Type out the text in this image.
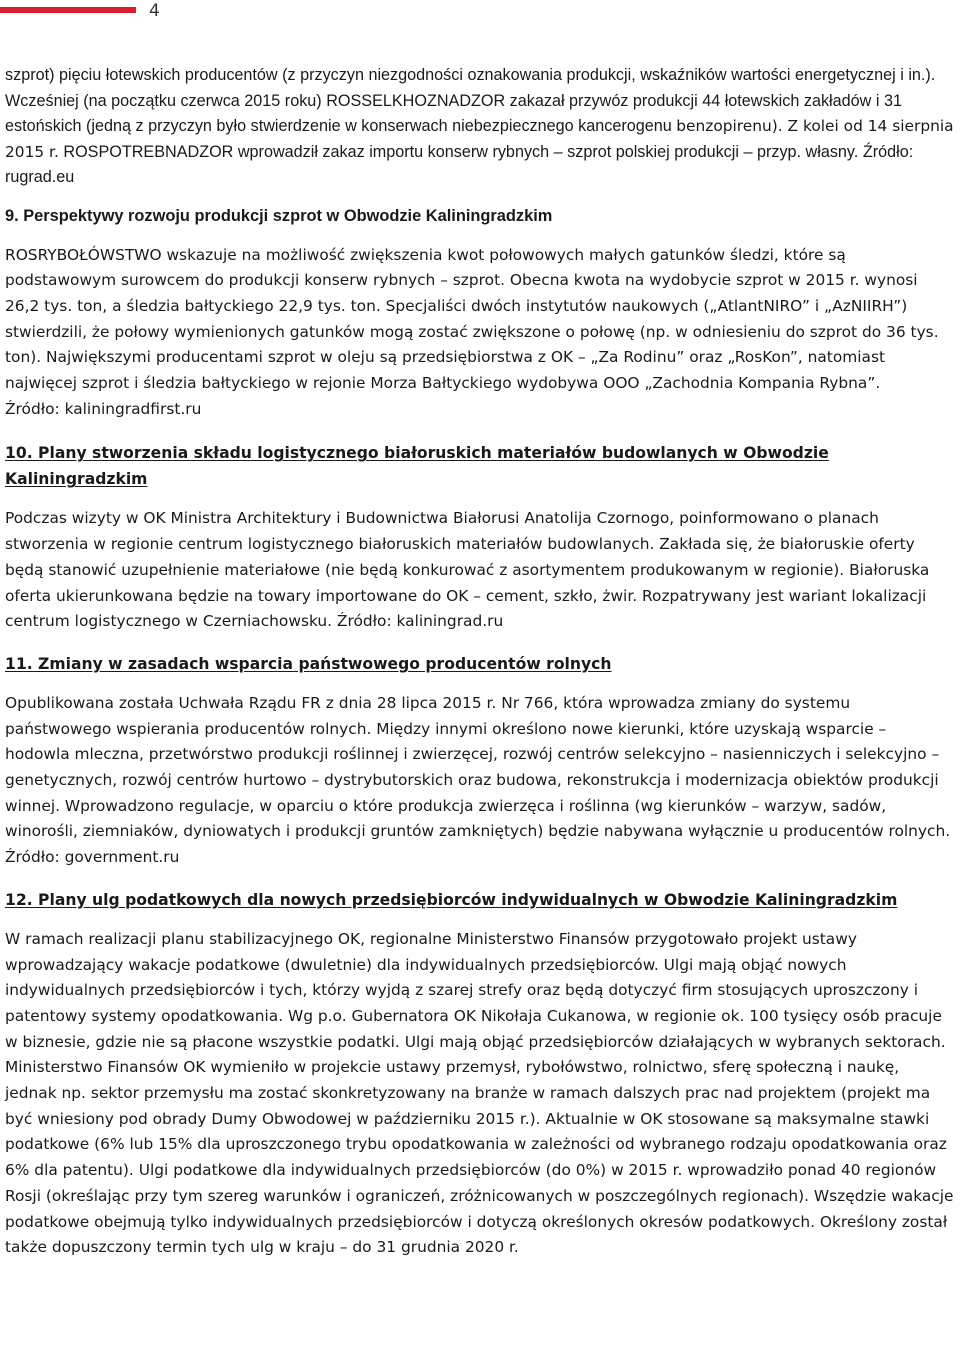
4

szprot) pięciu łotewskich producentów (z przyczyn niezgodności oznakowania produkcji, wskaźników wartości energetycznej i in.). Wcześniej (na początku czerwca 2015 roku) ROSSELKHOZNADZOR zakazał przywóz produkcji 44 łotewskich zakładów i 31 estońskich (jedną z przyczyn było stwierdzenie w konserwach niebezpiecznego kancerogenu benzopirenu). Z kolei od 14 sierpnia 2015 r. ROSPOTREBNADZOR wprowadził zakaz importu konserw rybnych – szprot polskiej produkcji – przyp. własny. Źródło: rugrad.eu

9. Perspektywy rozwoju produkcji szprot w Obwodzie Kaliningradzkim

ROSRYBOŁÓWSTWO wskazuje na możliwość zwiększenia kwot połowowych małych gatunków śledzi, które są podstawowym surowcem do produkcji konserw rybnych – szprot. Obecna kwota na wydobycie szprot w 2015 r. wynosi 26,2 tys. ton, a śledzia bałtyckiego 22,9 tys. ton. Specjaliści dwóch instytutów naukowych („AtlantNIRO” i „AzNIIRH”) stwierdzili, że połowy wymienionych gatunków mogą zostać zwiększone o połowę (np. w odniesieniu do szprot do 36 tys. ton). Największymi producentami szprot w oleju są przedsiębiorstwa z OK – „Za Rodinu” oraz „RosKon”, natomiast najwięcej szprot i śledzia bałtyckiego w rejonie Morza Bałtyckiego wydobywa OOO „Zachodnia Kompania Rybna”.

Źródło: kaliningradfirst.ru

10. Plany stworzenia składu logistycznego białoruskich materiałów budowlanych w Obwodzie Kaliningradzkim

Podczas wizyty w OK Ministra Architektury i Budownictwa Białorusi Anatolija Czornogo, poinformowano o planach stworzenia w regionie centrum logistycznego białoruskich materiałów budowlanych. Zakłada się, że białoruskie oferty będą stanowić uzupełnienie materiałowe (nie będą konkurować z asortymentem produkowanym w regionie). Białoruska oferta ukierunkowana będzie na towary importowane do OK – cement, szkło, żwir. Rozpatrywany jest wariant lokalizacji centrum logistycznego w Czerniachowsku. Źródło: kaliningrad.ru

11. Zmiany w zasadach wsparcia państwowego producentów rolnych

Opublikowana została Uchwała Rządu FR z dnia 28 lipca 2015 r. Nr 766, która wprowadza zmiany do systemu państwowego wspierania producentów rolnych. Między innymi określono nowe kierunki, które uzyskają wsparcie – hodowla mleczna, przetwórstwo produkcji roślinnej i zwierzęcej, rozwój centrów selekcyjno – nasienniczych i selekcyjno – genetycznych, rozwój centrów hurtowo – dystrybutorskich oraz budowa, rekonstrukcja i modernizacja obiektów produkcji winnej. Wprowadzono regulacje, w oparciu o które produkcja zwierzęca i roślinna (wg kierunków – warzyw, sadów, winorośli, ziemniaków, dyniowatych i produkcji gruntów zamkniętych) będzie nabywana wyłącznie u producentów rolnych. Źródło: government.ru

12. Plany ulg podatkowych dla nowych przedsiębiorców indywidualnych w Obwodzie Kaliningradzkim

W ramach realizacji planu stabilizacyjnego OK, regionalne Ministerstwo Finansów przygotowało projekt ustawy wprowadzający wakacje podatkowe (dwuletnie) dla indywidualnych przedsiębiorców. Ulgi mają objąć nowych indywidualnych przedsiębiorców i tych, którzy wyjdą z szarej strefy oraz będą dotyczyć firm stosujących uproszczony i patentowy systemy opodatkowania. Wg p.o. Gubernatora OK Nikołaja Cukanowa, w regionie ok. 100 tysięcy osób pracuje w biznesie, gdzie nie są płacone wszystkie podatki. Ulgi mają objąć przedsiębiorców działających w wybranych sektorach. Ministerstwo Finansów OK wymieniło w projekcie ustawy przemysł, rybołówstwo, rolnictwo, sferę społeczną i naukę, jednak np. sektor przemysłu ma zostać skonkretyzowany na branże w ramach dalszych prac nad projektem (projekt ma być wniesiony pod obrady Dumy Obwodowej w październiku 2015 r.). Aktualnie w OK stosowane są maksymalne stawki podatkowe (6% lub 15% dla uproszczonego trybu opodatkowania w zależności od wybranego rodzaju opodatkowania oraz 6% dla patentu). Ulgi podatkowe dla indywidualnych przedsiębiorców (do 0%) w 2015 r. wprowadziło ponad 40 regionów Rosji (określając przy tym szereg warunków i ograniczeń, zróżnicowanych w poszczególnych regionach). Wszędzie wakacje podatkowe obejmują tylko indywidualnych przedsiębiorców i dotyczą określonych okresów podatkowych. Określony został także dopuszczony termin tych ulg w kraju – do 31 grudnia 2020 r.
